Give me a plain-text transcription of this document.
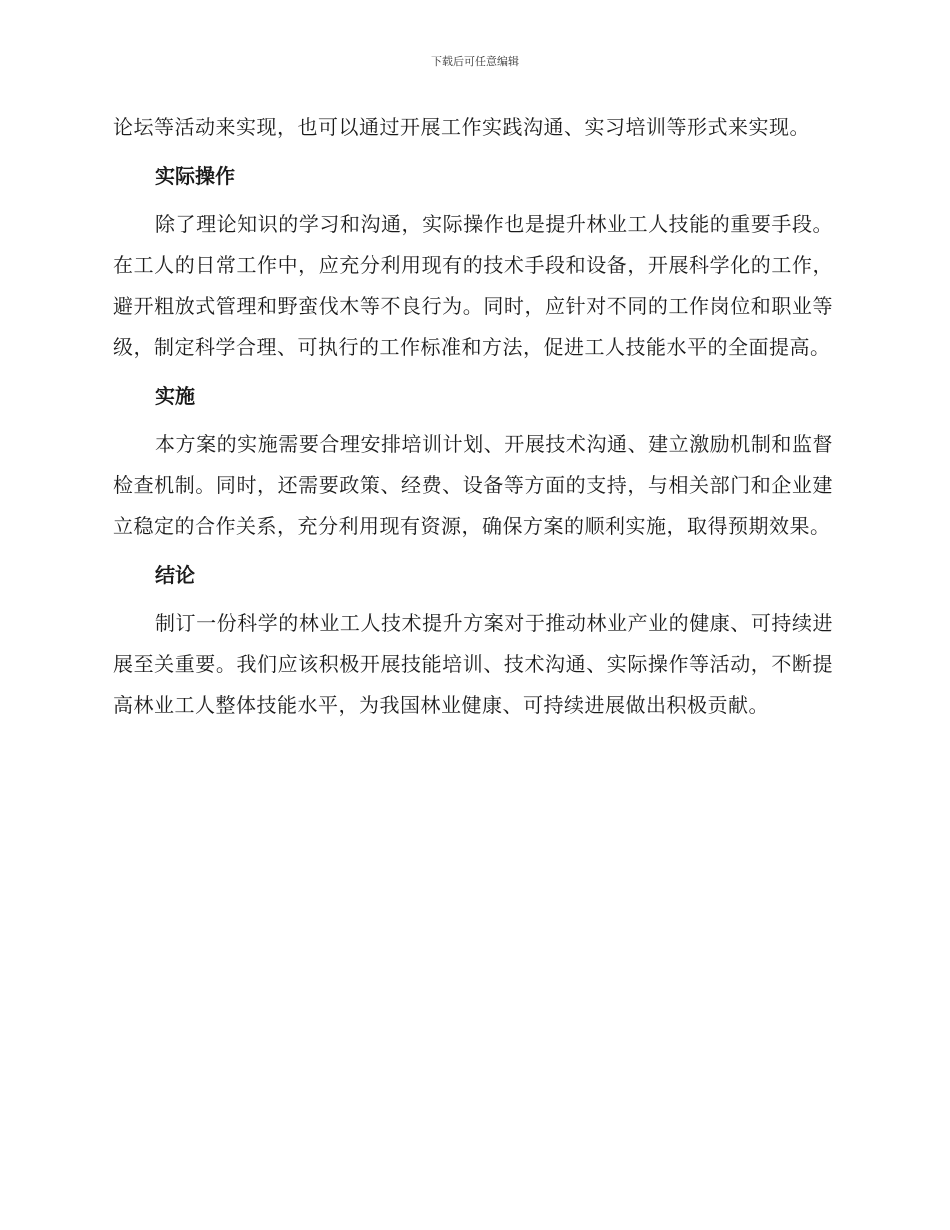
下载后可任意编辑

论坛等活动来实现，也可以通过开展工作实践沟通、实习培训等形式来实现。

实际操作

除了理论知识的学习和沟通，实际操作也是提升林业工人技能的重要手段。在工人的日常工作中，应充分利用现有的技术手段和设备，开展科学化的工作，避开粗放式管理和野蛮伐木等不良行为。同时，应针对不同的工作岗位和职业等级，制定科学合理、可执行的工作标准和方法，促进工人技能水平的全面提高。

实施

本方案的实施需要合理安排培训计划、开展技术沟通、建立激励机制和监督检查机制。同时，还需要政策、经费、设备等方面的支持，与相关部门和企业建立稳定的合作关系，充分利用现有资源，确保方案的顺利实施，取得预期效果。

结论

制订一份科学的林业工人技术提升方案对于推动林业产业的健康、可持续进展至关重要。我们应该积极开展技能培训、技术沟通、实际操作等活动，不断提高林业工人整体技能水平，为我国林业健康、可持续进展做出积极贡献。
